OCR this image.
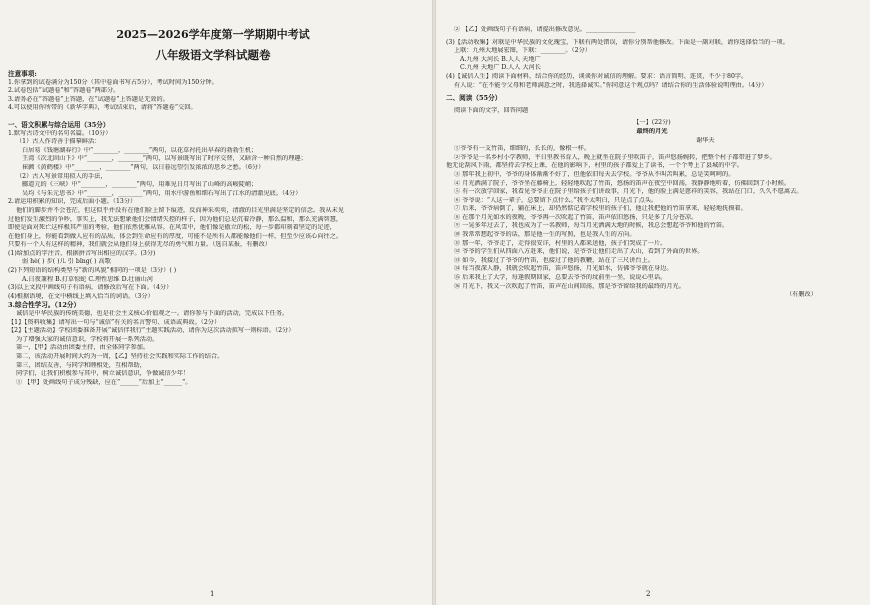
2025—2026学年度第一学期期中考试
八年级语文学科试题卷
注意事项:
1.你拿到的试卷满分为150分（其中卷面书写占5分），考试时间为150分钟。
2.试卷包括“试题卷”和“答题卷”两部分。
3.请务必在“答题卷”上答题，在“试题卷”上答题是无效的。
4.可以使用你所带的《新华字典》，考试结束后，请将“答题卷”交回。
一、语文积累与综合运用（35分）
1.默写古诗文中的名句名篇。（10分）
（1）古人作诗善于描摹鲜活：
白居易《钱塘湖春行》中“________，________”两句，以花草衬托出早春的勃勃生机；
王湾《次北固山下》中“________，________”两句，以写景既写出了时序交替，又暗含一种自然的理趣；
崔颢《黄鹤楼》中“________，________”两句，以日暮远望引发浓浓的思乡之愁。（6分）
（2）古人写景常用拟人的手法，
郦道元的《三峡》中“________，________”两句，用难见日月写出了山峰的高峻陡峭；
吴均《与朱元思书》中“________，________”两句，用水中游鱼和细石写出了江水的清澈见底。（4分）
2.请运用积累的知识，完成后面小题。（13分）
他们的脚步并不会苍茫，但这似乎并没有在他们脸上留下痕迹，反而神采奕奕，清澈的目光里满是坚定的信念。我从未见
过他们发生激烈的争吵，事实上，我无法想象他们会情绪失控的样子，因为他们总是沉着冷静，那么温和，那么充满智慧，
即使是面对死亡这样极其严重的考验，他们依然优雅从容。在风雪中，他们像是傲立的松，每一步都印刻着坚定的足迹，
在他们身上，你能看到做人应有的品质，体会到生命应有的厚度，可能不是所有人都能像他们一样，但至少应该心向往之。
只要有一个人有这样的精神，我们就会从他们身上获得无尽的勇气和力量。（选自某报，有删改）
(1)给加点的字注音，根据拼音写出相应的汉字。(3分)
弱 hè( ) 步( )儿 引 bǐng( ) 高歌
(2)下列短语的结构类型与“新的风貌”相同的一项是（3分）( )
A.日夜兼程 B.打草惊蛇 C.理性思维 D.壮丽山河
(3)以上文段中画线句子有语病，请修改后写在下面。（4分）
(4)根据语境，在文中横线上填入恰当的词语。（3分）
3.综合性学习。（12分）
诚信是中华民族的传统美德，也是社会主义核心价值观之一。请你参与下面的活动，完成以下任务。
【1】【资料收集】请写出一句与“诚信”有关的名言警句、成语或典故。（2分）
【2】【主题活动】学校团委准备开展“诚信伴我行”主题实践活动，请你为这次活动拟写一则标语。（2分）
为了增强大家的诚信意识，学校将开展一系列活动。
第一，【甲】活动由团委主持，由全体同学参加。
第二，该活动开展时间大约为一周，【乙】坚持社会实践和实际工作的结合。
第三，团结友善，与同学和睦相处，互相帮助，
同学们，让我们积极参与其中，树立诚信意识，争做诚信少年！
① 【甲】处画线句子成分残缺，应在“______”后加上“______”。
1
② 【乙】处画线句子有语病，请提出修改意见。________________
(3)【活动收集】对联是中华民族的文化瑰宝，下联有两处错误，请你分别帮他修改。下面是一副对联，请你选择恰当的一项。
上联：九州大地展宏图，下联：________。（2分）
A.九州 大河长 B.人人 天地广
C.九州 天地广 D.人人 大河长
(4)【诚信人生】阅读下面材料，结合你的经历，谈谈你对诚信的理解。要求：语言简明、连贯，不少于80字。
有人说：“在不能令父母和老师满意之时，我选择诚实。”你同意这个观点吗？请结合你的生活体验说明理由。（4分）
二、阅读（55分）
阅读下面的文字，回答问题
【一】(22分)
最终的月光
谢华天
①爷爷有一支竹笛，细细的，长长的，像根一样。
②爷爷是一名乡村小学教师，平日里教书育人，晚上就坐在院子里吹笛子，笛声悠扬婉转，把整个村子都带进了梦乡。
他无论刮风下雨，都坚持去学校上课，在他的影响下，村里的孩子都爱上了读书，一个个考上了县城的中学。
③ 那年我上初中，爷爷的身体渐渐不好了，但他依旧每天去学校。爷爷从不叫苦叫累，总是笑呵呵的。
④ 月光洒满了院子，爷爷坐在藤椅上，轻轻地吹起了竹笛，悠扬的笛声在夜空中回荡，我静静地听着，仿佛回到了小时候。
⑤ 有一次放学回家，我看见爷爷正在院子里给孩子们讲故事，月光下，他的脸上满是慈祥的笑容，我站在门口，久久不愿离去。
⑥ 爷爷说：“人这一辈子，总要留下点什么。”我不太明白，只是点了点头。
⑦ 后来，爷爷病倒了，躺在床上，却仍然惦记着学校里的孩子们，他让我把他的竹笛拿来，轻轻地抚摸着。
⑧ 在那个月光如水的夜晚，爷爷再一次吹起了竹笛，笛声依旧悠扬，只是多了几分苍凉。
⑨ 一晃多年过去了，我也成为了一名教师，每当月光洒满大地的时候，我总会想起爷爷和他的竹笛。
⑩ 我常常想起爷爷的话，那是他一生的写照，也是我人生的方向。
⑪ 那一年，爷爷走了，走得很安详，村里的人都来送他，孩子们哭成了一片。
⑫ 爷爷的学生们从四面八方赶来，他们说，是爷爷让他们走出了大山，看到了外面的世界。
⑬ 如今，我接过了爷爷的竹笛，也接过了他的教鞭，站在了三尺讲台上。
⑭ 每当夜深人静，我就会吹起竹笛，笛声悠扬，月光如水，仿佛爷爷就在身边。
⑮ 后来我上了大学，每逢假期回家，总要去爷爷的坟前坐一坐，说说心里话。
⑯ 月光下，我又一次吹起了竹笛，笛声在山间回荡，那是爷爷留给我的最终的月光。
（有删改）
2
